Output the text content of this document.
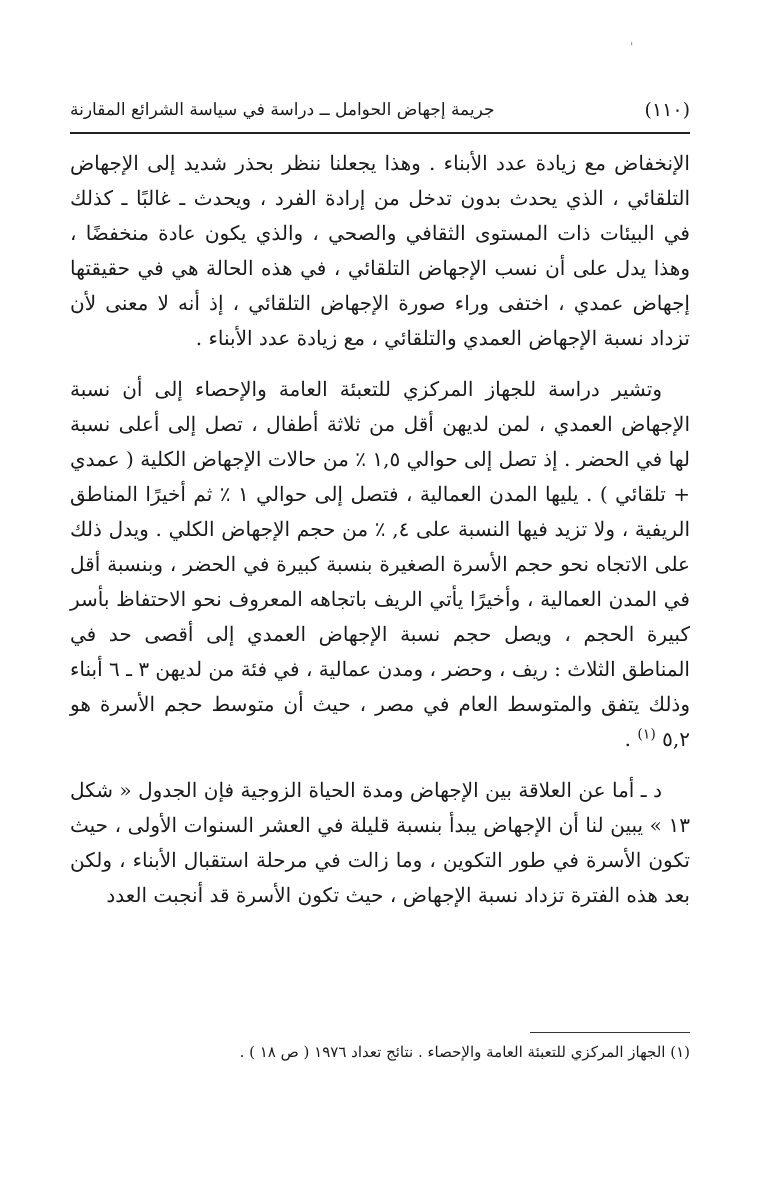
'
(١١٠)
جريمة إجهاض الحوامل ــ دراسة في سياسة الشرائع المقارنة

الإنخفاض مع زيادة عدد الأبناء . وهذا يجعلنا ننظر بحذر شديد إلى الإجهاض التلقائي ، الذي يحدث بدون تدخل من إرادة الفرد ، ويحدث ـ غالبًا ـ كذلك في البيئات ذات المستوى الثقافي والصحي ، والذي يكون عادة منخفضًا ، وهذا يدل على أن نسب الإجهاض التلقائي ، في هذه الحالة هي في حقيقتها إجهاض عمدي ، اختفى وراء صورة الإجهاض التلقائي ، إذ أنه لا معنى لأن تزداد نسبة الإجهاض العمدي والتلقائي ، مع زيادة عدد الأبناء .

وتشير دراسة للجهاز المركزي للتعبئة العامة والإحصاء إلى أن نسبة الإجهاض العمدي ، لمن لديهن أقل من ثلاثة أطفال ، تصل إلى أعلى نسبة لها في الحضر . إذ تصل إلى حوالي ١,٥ ٪ من حالات الإجهاض الكلية ( عمدي + تلقائي ) . يليها المدن العمالية ، فتصل إلى حوالي ١ ٪ ثم أخيرًا المناطق الريفية ، ولا تزيد فيها النسبة على ٤, ٪ من حجم الإجهاض الكلي . ويدل ذلك على الاتجاه نحو حجم الأسرة الصغيرة بنسبة كبيرة في الحضر ، وبنسبة أقل في المدن العمالية ، وأخيرًا يأتي الريف باتجاهه المعروف نحو الاحتفاظ بأسر كبيرة الحجم ، ويصل حجم نسبة الإجهاض العمدي إلى أقصى حد في المناطق الثلاث : ريف ، وحضر ، ومدن عمالية ، في فئة من لديهن ٣ ـ ٦ أبناء وذلك يتفق والمتوسط العام في مصر ، حيث أن متوسط حجم الأسرة هو ٥,٢ $^{(١)}$ .

د ـ أما عن العلاقة بين الإجهاض ومدة الحياة الزوجية فإن الجدول « شكل ١٣ » يبين لنا أن الإجهاض يبدأ بنسبة قليلة في العشر السنوات الأولى ، حيث تكون الأسرة في طور التكوين ، وما زالت في مرحلة استقبال الأبناء ، ولكن بعد هذه الفترة تزداد نسبة الإجهاض ، حيث تكون الأسرة قد أنجبت العدد

(١) الجهاز المركزي للتعبئة العامة والإحصاء . نتائج تعداد ١٩٧٦ ( ص ١٨ ) .
